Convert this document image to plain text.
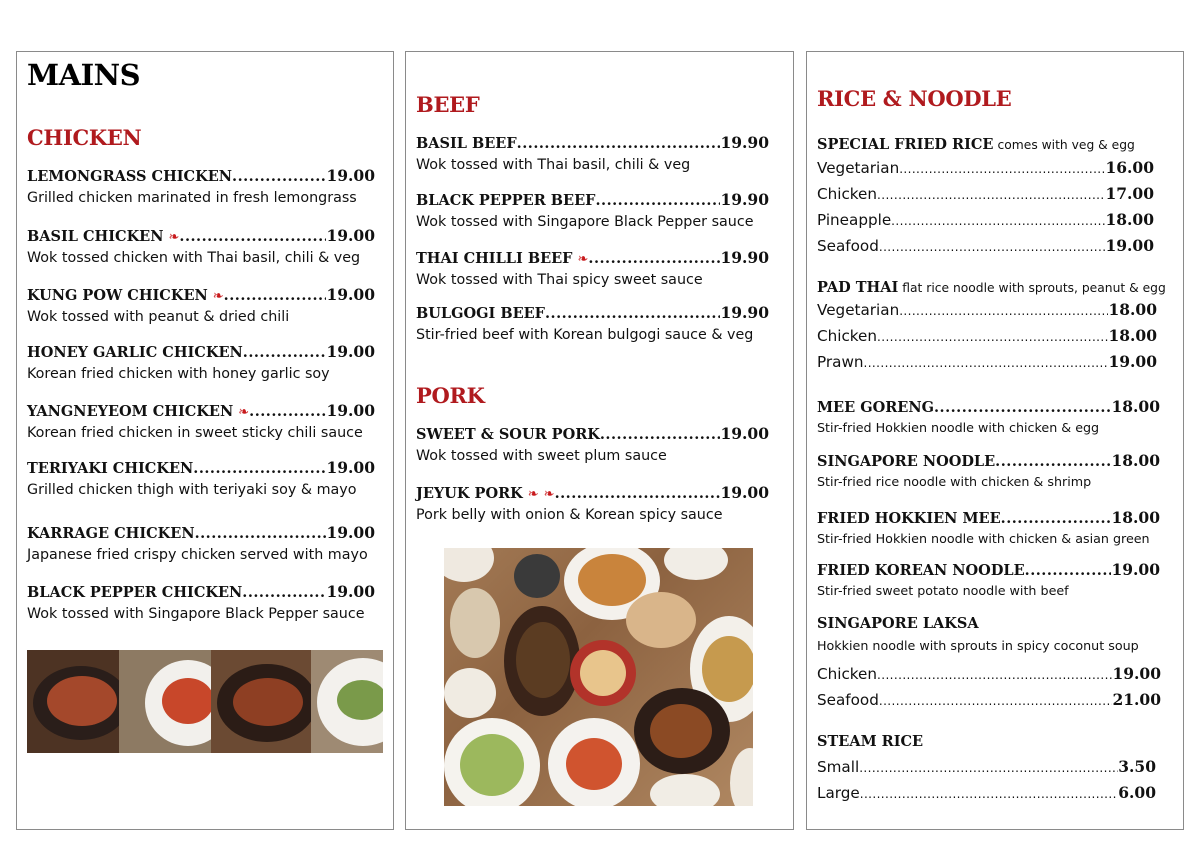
MAINS
CHICKEN
LEMONGRASS CHICKEN .....	19.00
Grilled chicken marinated in fresh lemongrass
BASIL CHICKEN ❧ .....	19.00
Wok tossed chicken with Thai basil, chili & veg
KUNG POW CHICKEN ❧ .....	19.00
Wok tossed with peanut & dried chili
HONEY GARLIC CHICKEN .....	19.00
Korean fried chicken with honey garlic soy
YANGNEYEOM CHICKEN ❧ .....	19.00
Korean fried chicken in sweet sticky chili sauce
TERIYAKI CHICKEN .....	19.00
Grilled chicken thigh with teriyaki soy & mayo
KARRAGE CHICKEN .....	19.00
Japanese fried crispy chicken served with mayo
BLACK PEPPER CHICKEN .....	19.00
Wok tossed with Singapore Black Pepper sauce
BEEF
BASIL BEEF .....	19.90
Wok tossed with Thai basil, chili & veg
BLACK PEPPER BEEF .....	19.90
Wok tossed with Singapore Black Pepper sauce
THAI CHILLI BEEF ❧ .....	19.90
Wok tossed with Thai spicy sweet sauce
BULGOGI BEEF .....	19.90
Stir-fried beef with Korean bulgogi sauce & veg
PORK
SWEET & SOUR PORK .....	19.00
Wok tossed with sweet plum sauce
JEYUK PORK ❧ ❧ .....	19.00
Pork belly with onion & Korean spicy sauce
RICE & NOODLE
SPECIAL FRIED RICE comes with veg & egg
Vegetarian .....	16.00
Chicken .....	17.00
Pineapple .....	18.00
Seafood .....	19.00
PAD THAI flat rice noodle with sprouts, peanut & egg
Vegetarian .....	18.00
Chicken .....	18.00
Prawn .....	19.00
MEE GORENG .....	18.00
Stir-fried Hokkien noodle with chicken & egg
SINGAPORE NOODLE .....	18.00
Stir-fried rice noodle with chicken & shrimp
FRIED HOKKIEN MEE .....	18.00
Stir-fried Hokkien noodle with chicken & asian green
FRIED KOREAN NOODLE .....	19.00
Stir-fried sweet potato noodle with beef
SINGAPORE LAKSA
Hokkien noodle with sprouts in spicy coconut soup
Chicken .....	19.00
Seafood .....	21.00
STEAM RICE
Small .....	3.50
Large .....	6.00
